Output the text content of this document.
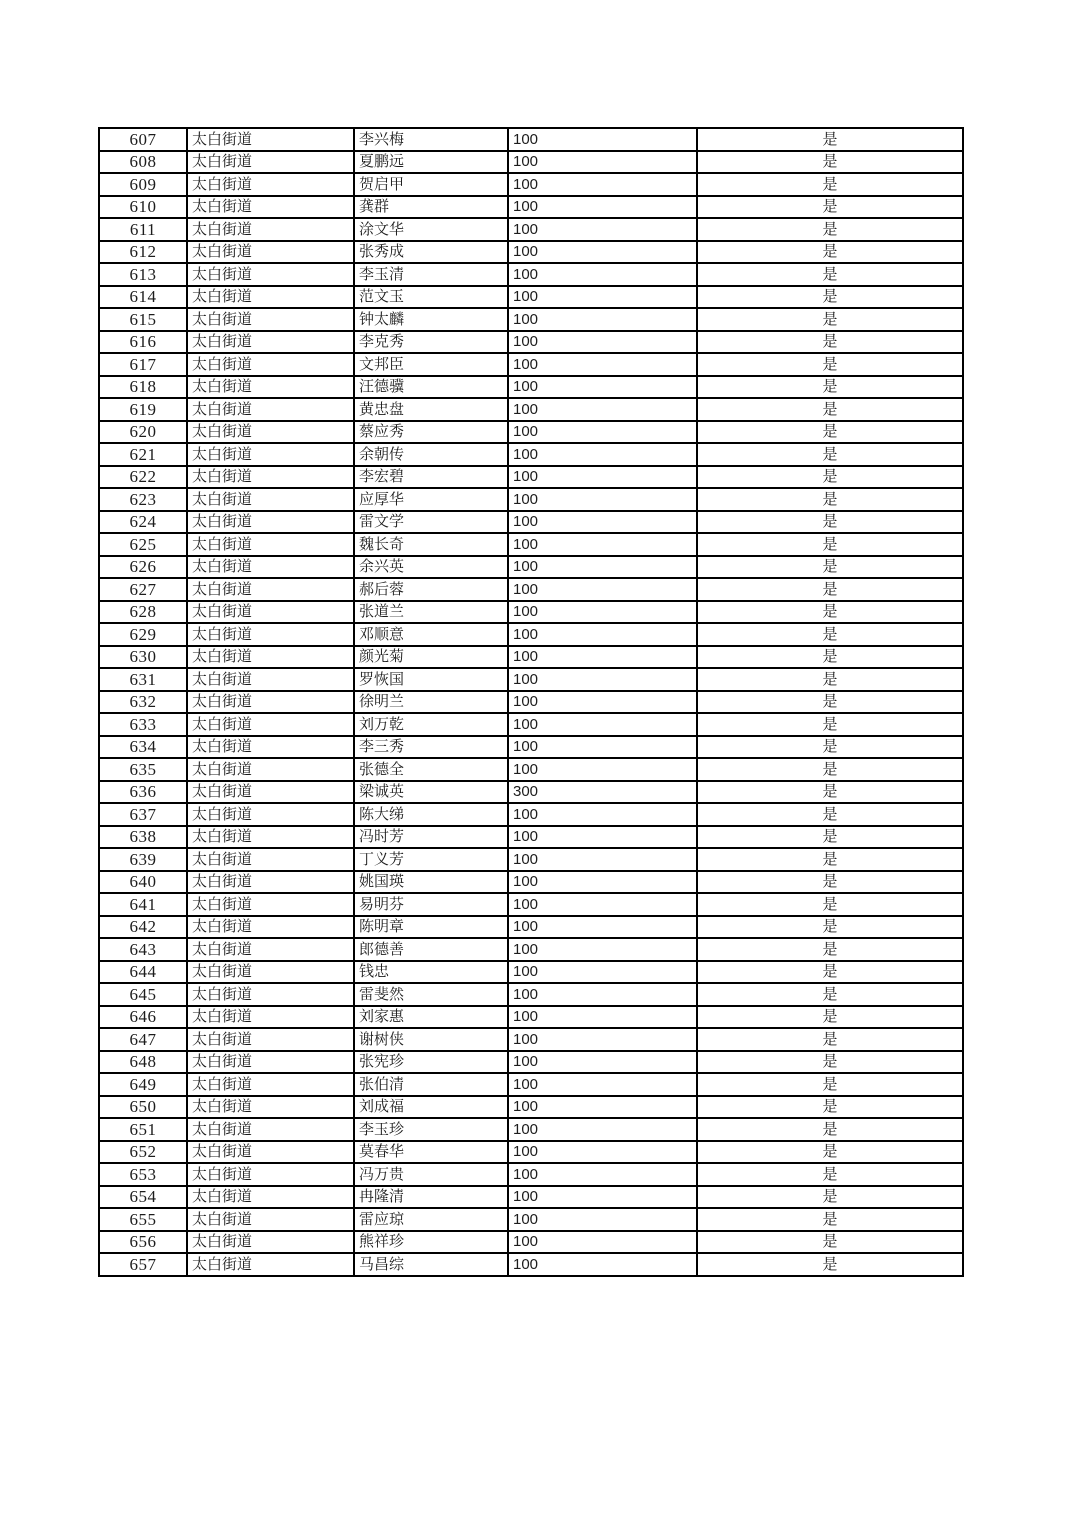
607	太白街道	李兴梅	100	是
608	太白街道	夏鹏远	100	是
609	太白街道	贺启甲	100	是
610	太白街道	龚群	100	是
611	太白街道	涂文华	100	是
612	太白街道	张秀成	100	是
613	太白街道	李玉清	100	是
614	太白街道	范文玉	100	是
615	太白街道	钟太麟	100	是
616	太白街道	李克秀	100	是
617	太白街道	文邦臣	100	是
618	太白街道	汪德骥	100	是
619	太白街道	黄忠盘	100	是
620	太白街道	蔡应秀	100	是
621	太白街道	余朝传	100	是
622	太白街道	李宏碧	100	是
623	太白街道	应厚华	100	是
624	太白街道	雷文学	100	是
625	太白街道	魏长奇	100	是
626	太白街道	余兴英	100	是
627	太白街道	郝后蓉	100	是
628	太白街道	张道兰	100	是
629	太白街道	邓顺意	100	是
630	太白街道	颜光菊	100	是
631	太白街道	罗恢国	100	是
632	太白街道	徐明兰	100	是
633	太白街道	刘万乾	100	是
634	太白街道	李三秀	100	是
635	太白街道	张德全	100	是
636	太白街道	梁诚英	300	是
637	太白街道	陈大绨	100	是
638	太白街道	冯时芳	100	是
639	太白街道	丁义芳	100	是
640	太白街道	姚国瑛	100	是
641	太白街道	易明芬	100	是
642	太白街道	陈明章	100	是
643	太白街道	郎德善	100	是
644	太白街道	钱忠	100	是
645	太白街道	雷斐然	100	是
646	太白街道	刘家惠	100	是
647	太白街道	谢树侠	100	是
648	太白街道	张宪珍	100	是
649	太白街道	张伯清	100	是
650	太白街道	刘成福	100	是
651	太白街道	李玉珍	100	是
652	太白街道	莫春华	100	是
653	太白街道	冯万贵	100	是
654	太白街道	冉隆清	100	是
655	太白街道	雷应琼	100	是
656	太白街道	熊祥珍	100	是
657	太白街道	马昌综	100	是
